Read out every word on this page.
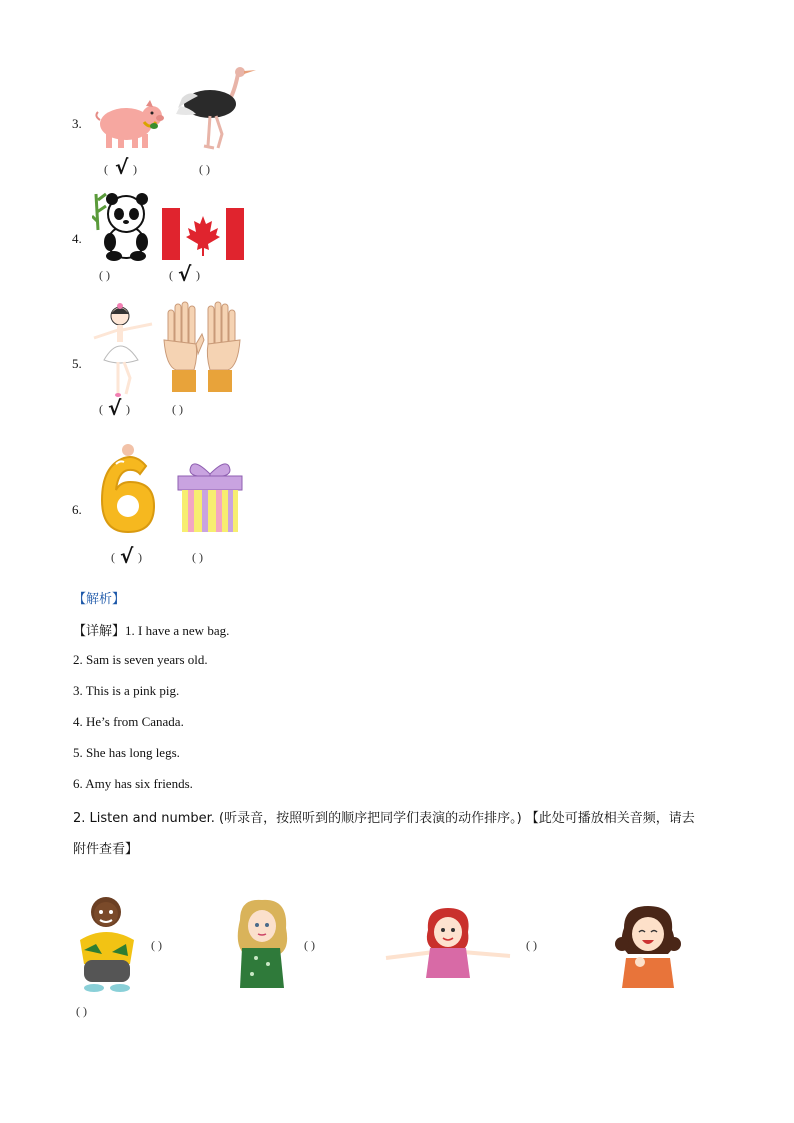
3.
( √ )	( )
4.
( )	( √ )
5.
( √ )	( )
6.
( √ )	( )
【解析】
【详解】1. I have a new bag.
2. Sam is seven years old.
3. This is a pink pig.
4. He’s from Canada.
5. She has long legs.
6. Amy has six friends.
2. Listen and number. (听录音，按照听到的顺序把同学们表演的动作排序。) 【此处可播放相关音频，请去
附件查看】
( )	( )	( )
( )
